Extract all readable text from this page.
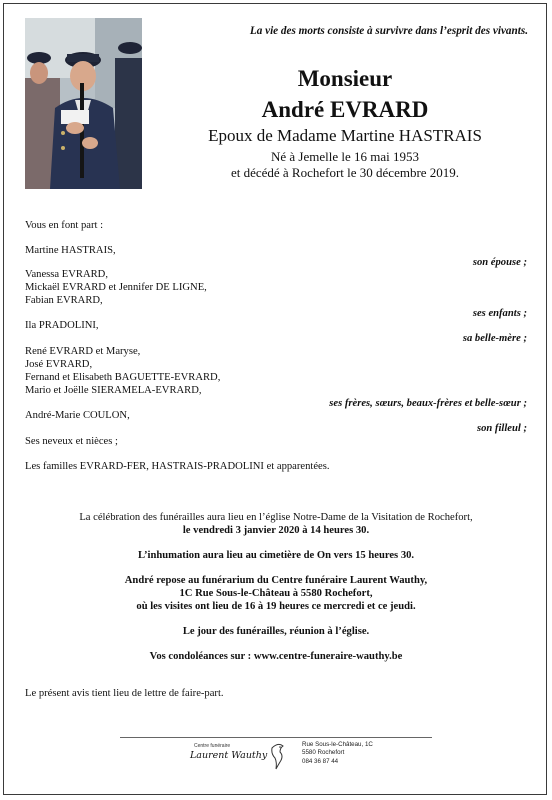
La vie des morts consiste à survivre dans l’esprit des vivants.
Monsieur
André EVRARD
Epoux de Madame Martine HASTRAIS
Né à Jemelle le 16 mai 1953
et décédé à Rochefort le 30 décembre 2019.
Vous en font part :
Martine HASTRAIS,
son épouse ;
Vanessa EVRARD,
Mickaël EVRARD et Jennifer DE LIGNE,
Fabian EVRARD,
ses enfants ;
Ila PRADOLINI,
sa belle-mère ;
René EVRARD et Maryse,
José EVRARD,
Fernand et Elisabeth BAGUETTE-EVRARD,
Mario et Joëlle SIERAMELA-EVRARD,
ses frères, sœurs, beaux-frères et belle-sœur ;
André-Marie COULON,
son filleul ;
Ses neveux et nièces ;
Les familles EVRARD-FER, HASTRAIS-PRADOLINI et apparentées.
La célébration des funérailles aura lieu en l’église Notre-Dame de la Visitation de Rochefort,
le vendredi 3 janvier 2020 à 14 heures 30.
L’inhumation aura lieu au cimetière de On vers 15 heures 30.
André repose au funérarium du Centre funéraire Laurent Wauthy,
1C Rue Sous-le-Château à 5580 Rochefort,
où les visites ont lieu de 16 à 19 heures ce mercredi et ce jeudi.
Le jour des funérailles, réunion à l’église.
Vos condoléances sur : www.centre-funeraire-wauthy.be
Le présent avis tient lieu de lettre de faire-part.
Centre funéraire
Laurent Wauthy
Rue Sous-le-Château, 1C
5580 Rochefort
084 36 87 44
